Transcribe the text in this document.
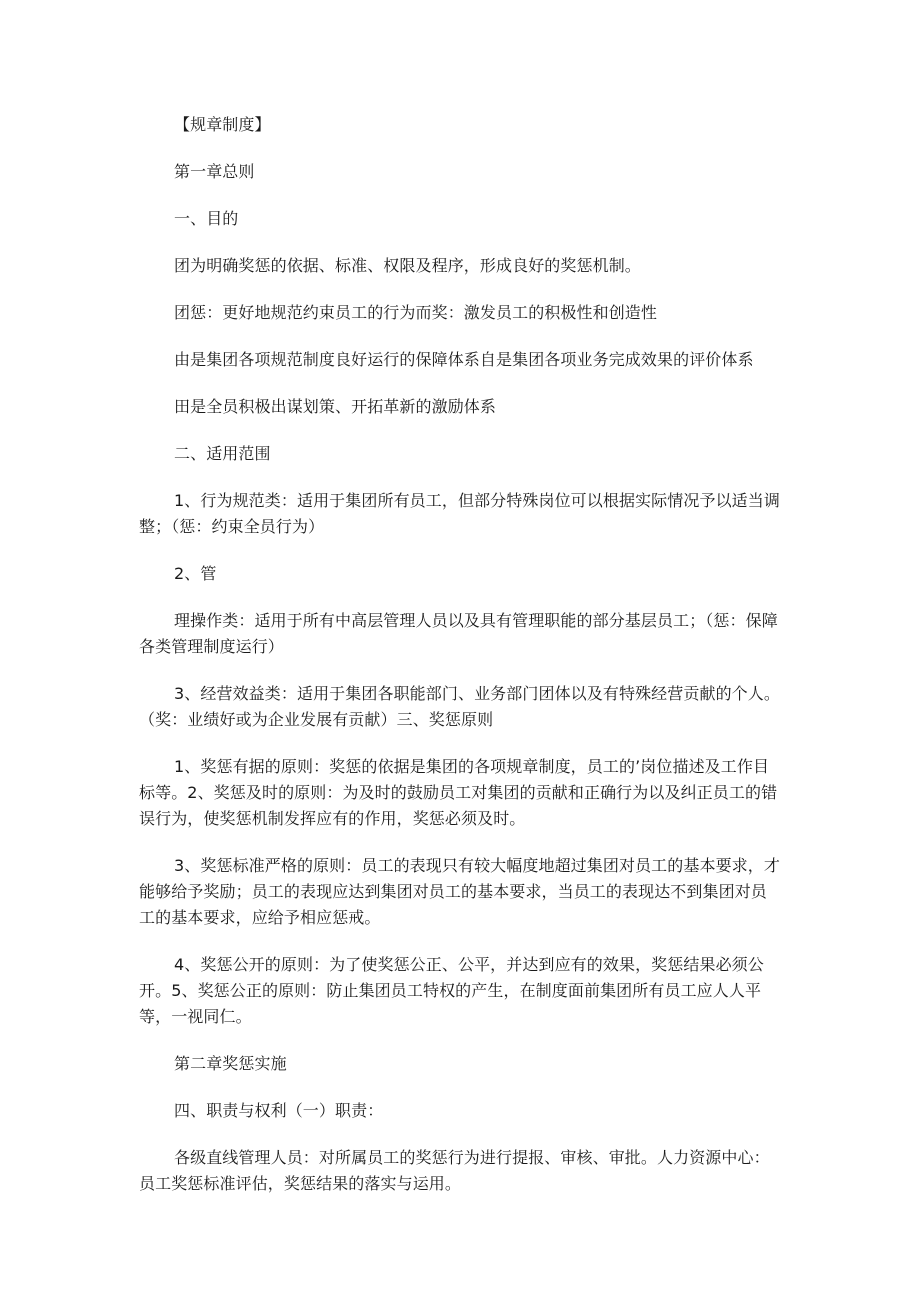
【规章制度】

第一章总则

一、目的

团为明确奖惩的依据、标准、权限及程序，形成良好的奖惩机制。

团惩：更好地规范约束员工的行为而奖：激发员工的积极性和创造性

由是集团各项规范制度良好运行的保障体系自是集团各项业务完成效果的评价体系

田是全员积极出谋划策、开拓革新的激励体系

二、适用范围

1、行为规范类：适用于集团所有员工，但部分特殊岗位可以根据实际情况予以适当调整；（惩：约束全员行为）

2、管

理操作类：适用于所有中高层管理人员以及具有管理职能的部分基层员工；（惩：保障各类管理制度运行）

3、经营效益类：适用于集团各职能部门、业务部门团体以及有特殊经营贡献的个人。（奖：业绩好或为企业发展有贡献）三、奖惩原则

1、奖惩有据的原则：奖惩的依据是集团的各项规章制度，员工的’岗位描述及工作目标等。2、奖惩及时的原则：为及时的鼓励员工对集团的贡献和正确行为以及纠正员工的错误行为，使奖惩机制发挥应有的作用，奖惩必须及时。

3、奖惩标准严格的原则：员工的表现只有较大幅度地超过集团对员工的基本要求，才能够给予奖励；员工的表现应达到集团对员工的基本要求，当员工的表现达不到集团对员工的基本要求，应给予相应惩戒。

4、奖惩公开的原则：为了使奖惩公正、公平，并达到应有的效果，奖惩结果必须公开。5、奖惩公正的原则：防止集团员工特权的产生，在制度面前集团所有员工应人人平等，一视同仁。

第二章奖惩实施

四、职责与权利（一）职责：

各级直线管理人员：对所属员工的奖惩行为进行提报、审核、审批。人力资源中心：员工奖惩标准评估，奖惩结果的落实与运用。
